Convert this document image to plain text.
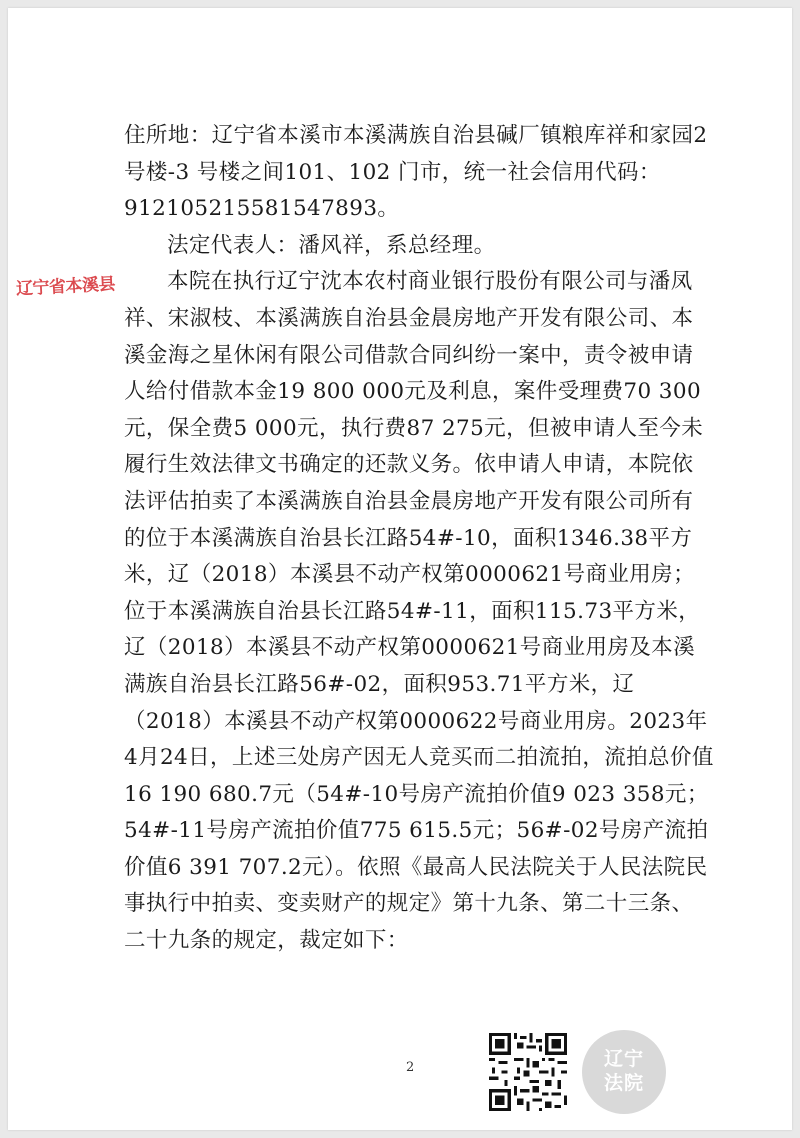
住所地：辽宁省本溪市本溪满族自治县碱厂镇粮库祥和家园2 号楼-3 号楼之间101、102 门市，统一社会信用代码：912105215581547893。

法定代表人：潘风祥，系总经理。

本院在执行辽宁沈本农村商业银行股份有限公司与潘凤祥、宋淑枝、本溪满族自治县金晨房地产开发有限公司、本溪金海之星休闲有限公司借款合同纠纷一案中，责令被申请人给付借款本金19 800 000元及利息，案件受理费70 300元，保全费5 000元，执行费87 275元，但被申请人至今未履行生效法律文书确定的还款义务。依申请人申请，本院依法评估拍卖了本溪满族自治县金晨房地产开发有限公司所有的位于本溪满族自治县长江路54#-10，面积1346.38平方米，辽（2018）本溪县不动产权第0000621号商业用房；位于本溪满族自治县长江路54#-11，面积115.73平方米，辽（2018）本溪县不动产权第0000621号商业用房及本溪满族自治县长江路56#-02，面积953.71平方米，辽（2018）本溪县不动产权第0000622号商业用房。2023年4月24日，上述三处房产因无人竞买而二拍流拍，流拍总价值16 190 680.7元（54#-10号房产流拍价值9 023 358元；54#-11号房产流拍价值775 615.5元；56#-02号房产流拍价值6 391 707.2元）。依照《最高人民法院关于人民法院民事执行中拍卖、变卖财产的规定》第十九条、第二十三条、二十九条的规定，裁定如下：

辽宁省本溪县
2	辽宁
法院
